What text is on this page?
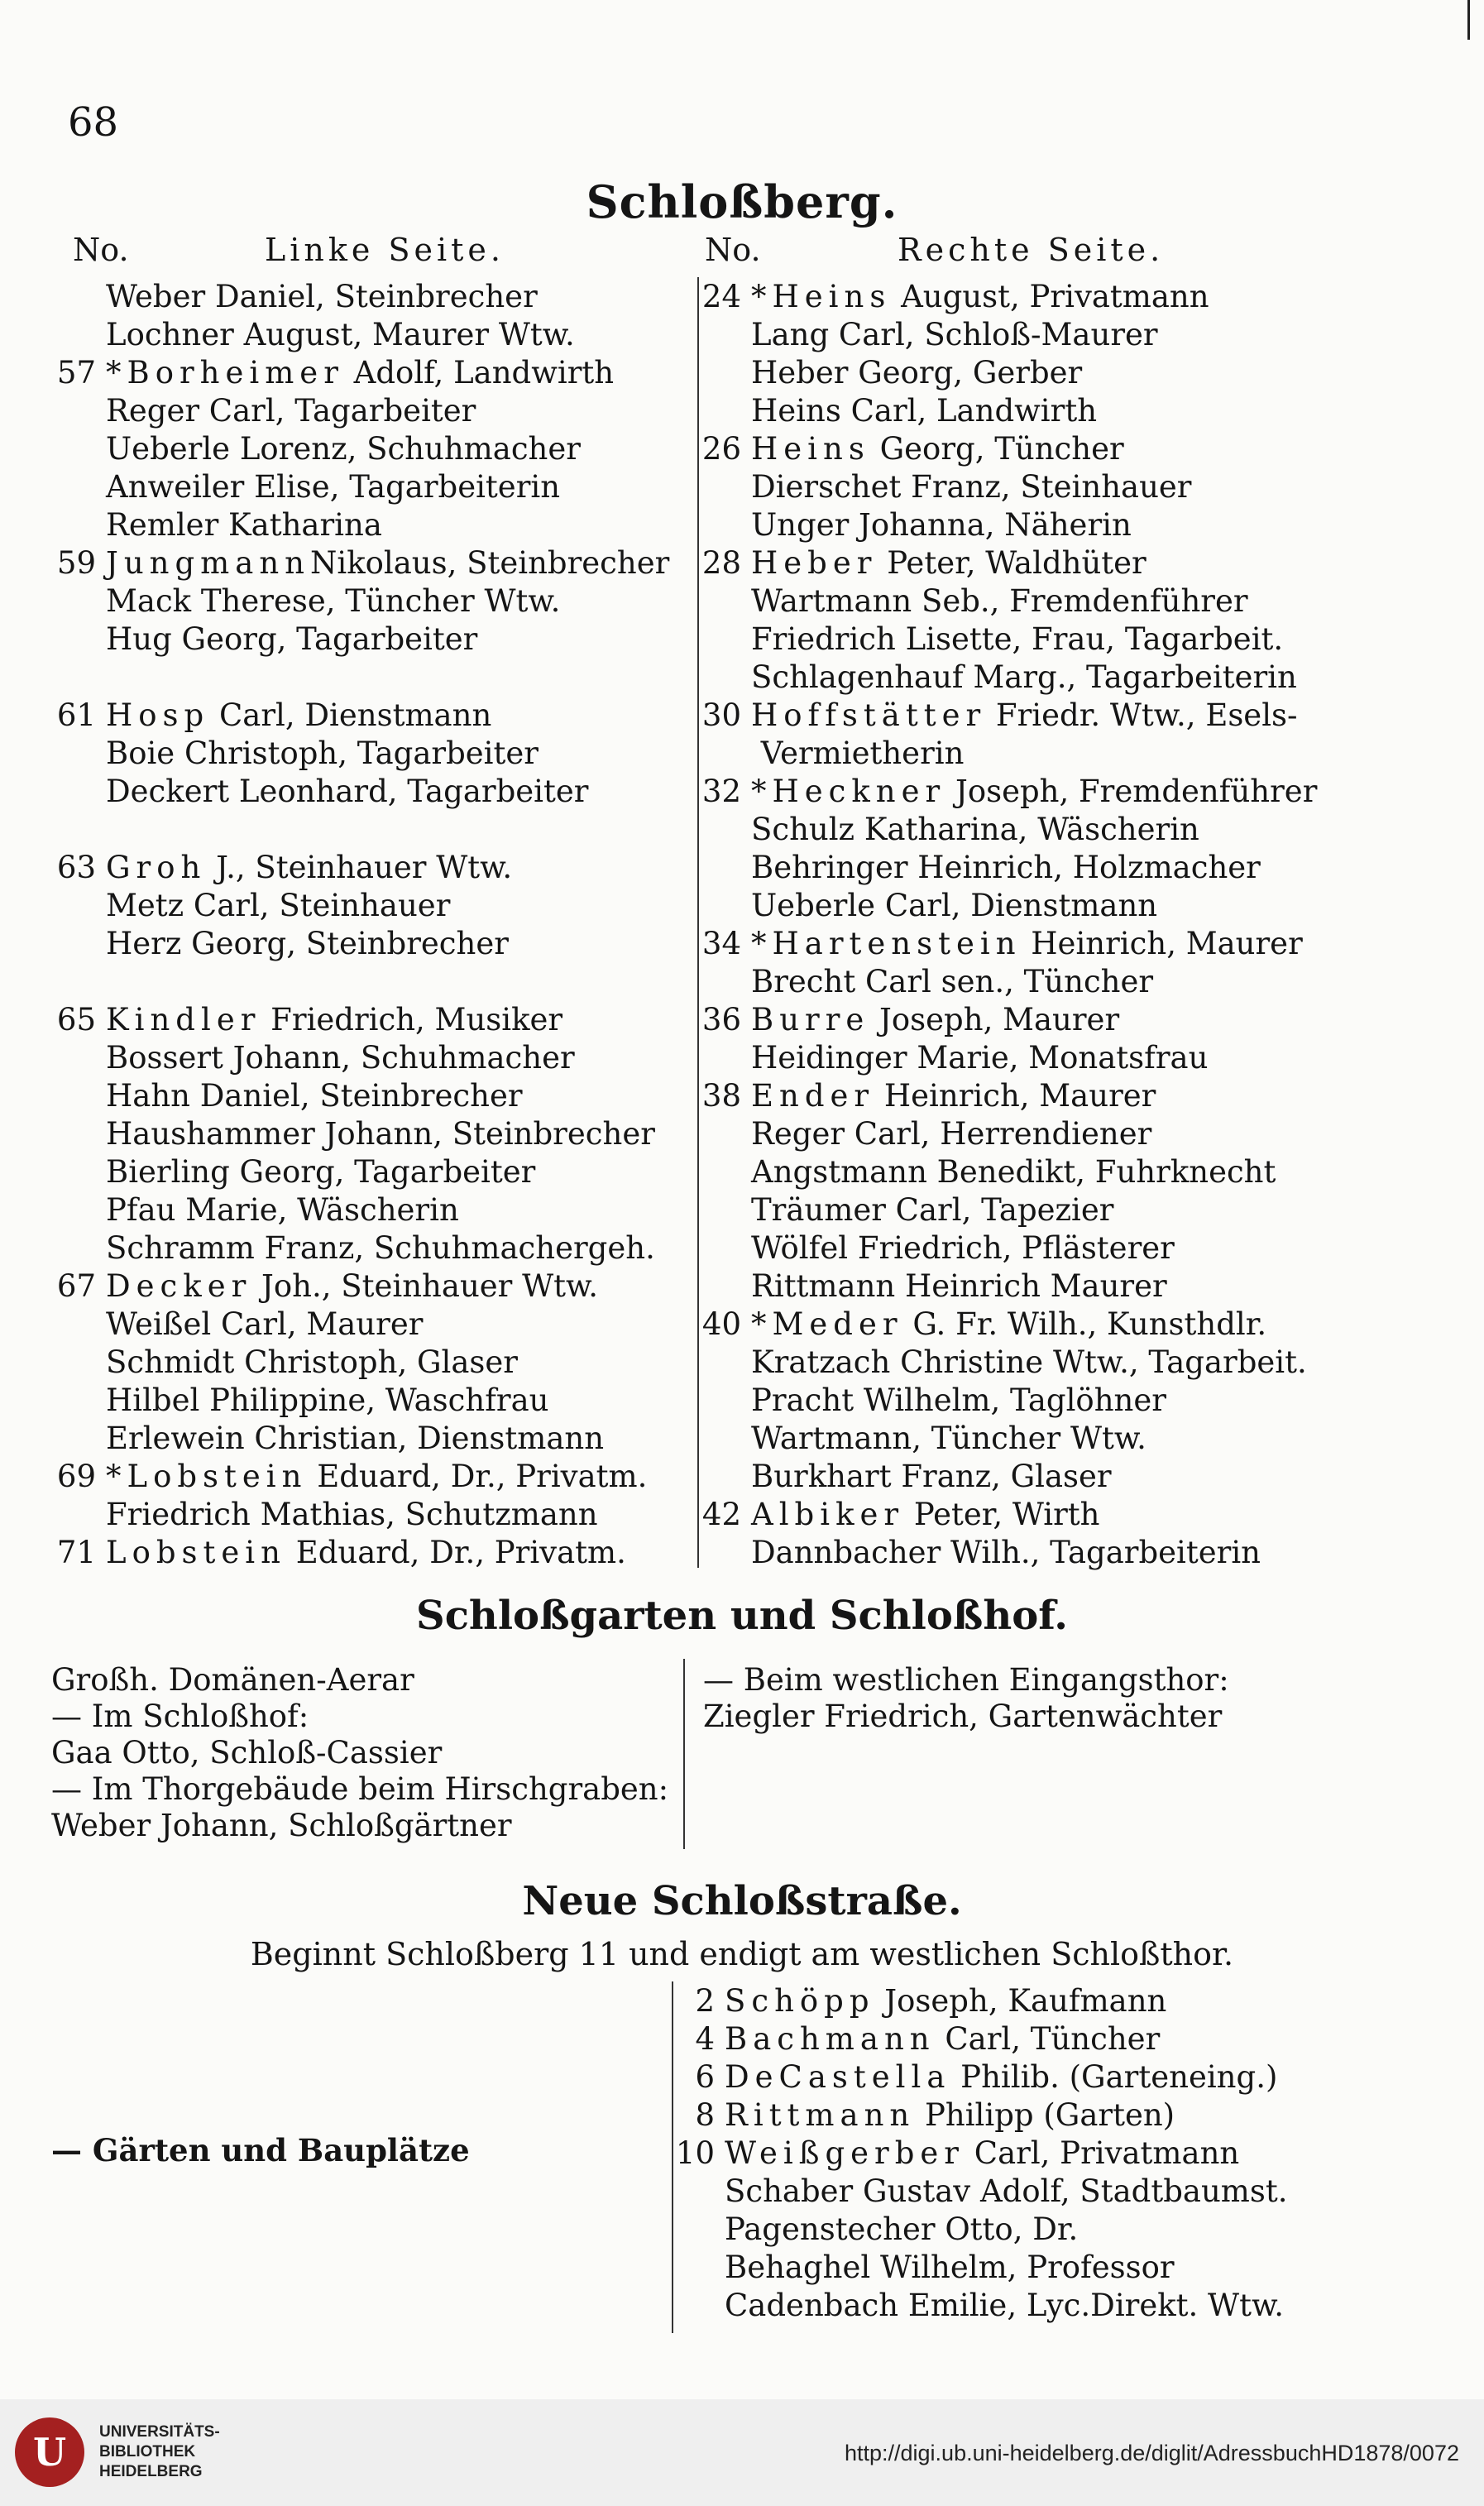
68
Schloßberg.
No.	Linke Seite.	No.	Rechte Seite.
Weber Daniel, Steinbrecher
Lochner August, Maurer Wtw.
57 *Borheimer Adolf, Landwirth
Reger Carl, Tagarbeiter
Ueberle Lorenz, Schuhmacher
Anweiler Elise, Tagarbeiterin
Remler Katharina
59 JungmannNikolaus, Steinbrecher
Mack Therese, Tüncher Wtw.
Hug Georg, Tagarbeiter
61 Hosp Carl, Dienstmann
Boie Christoph, Tagarbeiter
Deckert Leonhard, Tagarbeiter
63 Groh J., Steinhauer Wtw.
Metz Carl, Steinhauer
Herz Georg, Steinbrecher
65 Kindler Friedrich, Musiker
Bossert Johann, Schuhmacher
Hahn Daniel, Steinbrecher
Haushammer Johann, Steinbrecher
Bierling Georg, Tagarbeiter
Pfau Marie, Wäscherin
Schramm Franz, Schuhmachergeh.
67 Decker Joh., Steinhauer Wtw.
Weißel Carl, Maurer
Schmidt Christoph, Glaser
Hilbel Philippine, Waschfrau
Erlewein Christian, Dienstmann
69 *Lobstein Eduard, Dr., Privatm.
Friedrich Mathias, Schutzmann
71 Lobstein Eduard, Dr., Privatm.
24 *Heins August, Privatmann
Lang Carl, Schloß-Maurer
Heber Georg, Gerber
Heins Carl, Landwirth
26 Heins Georg, Tüncher
Dierschet Franz, Steinhauer
Unger Johanna, Näherin
28 Heber Peter, Waldhüter
Wartmann Seb., Fremdenführer
Friedrich Lisette, Frau, Tagarbeit.
Schlagenhauf Marg., Tagarbeiterin
30 Hoffstätter Friedr. Wtw., Esels-
Vermietherin
32 *Heckner Joseph, Fremdenführer
Schulz Katharina, Wäscherin
Behringer Heinrich, Holzmacher
Ueberle Carl, Dienstmann
34 *Hartenstein Heinrich, Maurer
Brecht Carl sen., Tüncher
36 Burre Joseph, Maurer
Heidinger Marie, Monatsfrau
38 Ender Heinrich, Maurer
Reger Carl, Herrendiener
Angstmann Benedikt, Fuhrknecht
Träumer Carl, Tapezier
Wölfel Friedrich, Pflästerer
Rittmann Heinrich Maurer
40 *Meder G. Fr. Wilh., Kunsthdlr.
Kratzach Christine Wtw., Tagarbeit.
Pracht Wilhelm, Taglöhner
Wartmann, Tüncher Wtw.
Burkhart Franz, Glaser
42 Albiker Peter, Wirth
Dannbacher Wilh., Tagarbeiterin
Schloßgarten und Schloßhof.
Großh. Domänen-Aerar
— Im Schloßhof:
Gaa Otto, Schloß-Cassier
— Im Thorgebäude beim Hirschgraben:
Weber Johann, Schloßgärtner
— Beim westlichen Eingangsthor:
Ziegler Friedrich, Gartenwächter
Neue Schloßstraße.
Beginnt Schloßberg 11 und endigt am westlichen Schloßthor.
— Gärten und Bauplätze
2 Schöpp Joseph, Kaufmann
4 Bachmann Carl, Tüncher
6 DeCastella Philib. (Garteneing.)
8 Rittmann Philipp (Garten)
10 Weißgerber Carl, Privatmann
Schaber Gustav Adolf, Stadtbaumst.
Pagenstecher Otto, Dr.
Behaghel Wilhelm, Professor
Cadenbach Emilie, Lyc.Direkt. Wtw.
U	UNIVERSITÄTS-
BIBLIOTHEK
HEIDELBERG
http://digi.ub.uni-heidelberg.de/diglit/AdressbuchHD1878/0072
